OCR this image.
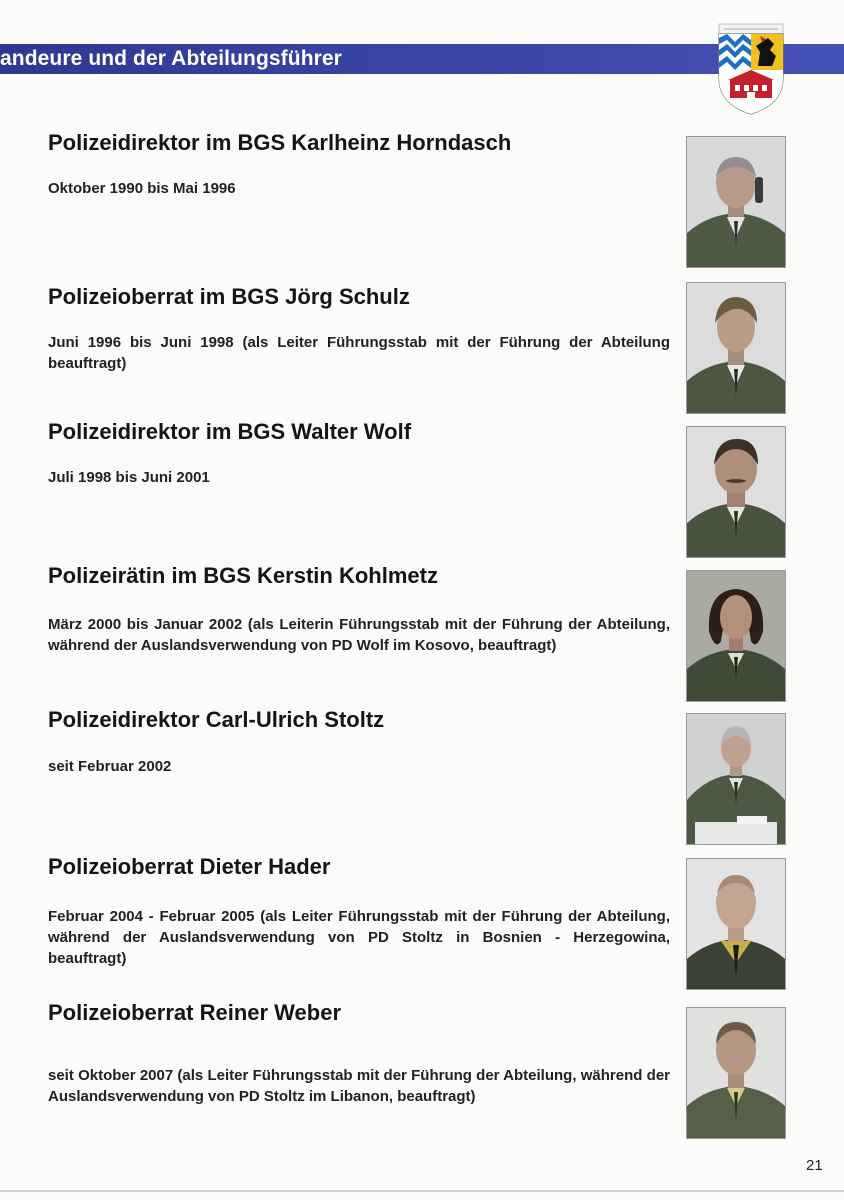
andeure und der Abteilungsführer
Polizeidirektor im BGS Karlheinz Horndasch
Oktober 1990 bis Mai 1996
Polizeioberrat im BGS Jörg Schulz
Juni 1996 bis Juni 1998 (als Leiter Führungsstab mit der Führung der Abteilung beauftragt)
Polizeidirektor im BGS Walter Wolf
Juli 1998 bis Juni 2001
Polizeirätin im BGS Kerstin Kohlmetz
März 2000 bis Januar 2002 (als Leiterin Führungsstab mit der Führung der Abteilung, während der Auslandsverwendung von PD Wolf im Kosovo, beauftragt)
Polizeidirektor Carl-Ulrich Stoltz
seit Februar 2002
Polizeioberrat Dieter Hader
Februar 2004 - Februar 2005 (als Leiter Führungsstab mit der Führung der Abteilung, während der Auslandsverwendung von PD Stoltz in Bosnien - Herzegowina, beauftragt)
Polizeioberrat Reiner Weber
seit Oktober 2007 (als Leiter Führungsstab mit der Führung der Abteilung, während der Auslandsverwendung von PD Stoltz im Libanon, beauftragt)
21
